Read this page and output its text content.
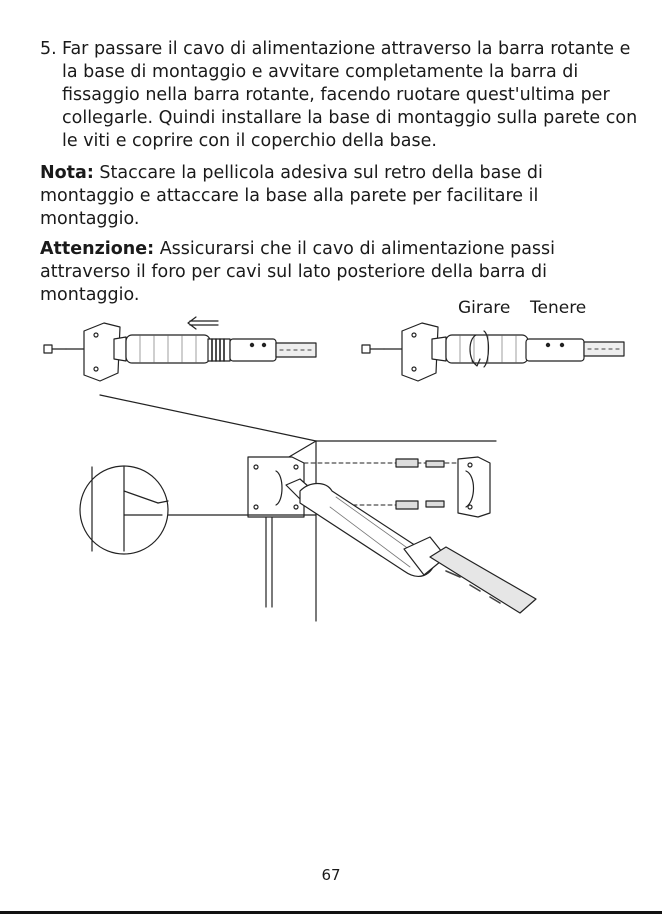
5. Far passare il cavo di alimentazione attraverso la barra rotante e la base di montaggio e avvitare completamente la barra di fissaggio nella barra rotante, facendo ruotare quest'ultima per collegarle. Quindi installare la base di montaggio sulla parete con le viti e coprire con il coperchio della base.
Nota: Staccare la pellicola adesiva sul retro della base di montaggio e attaccare la base alla parete per facilitare il montaggio.
Attenzione: Assicurarsi che il cavo di alimentazione passi attraverso il foro per cavi sul lato posteriore della barra di montaggio.
Girare Tenere
67
